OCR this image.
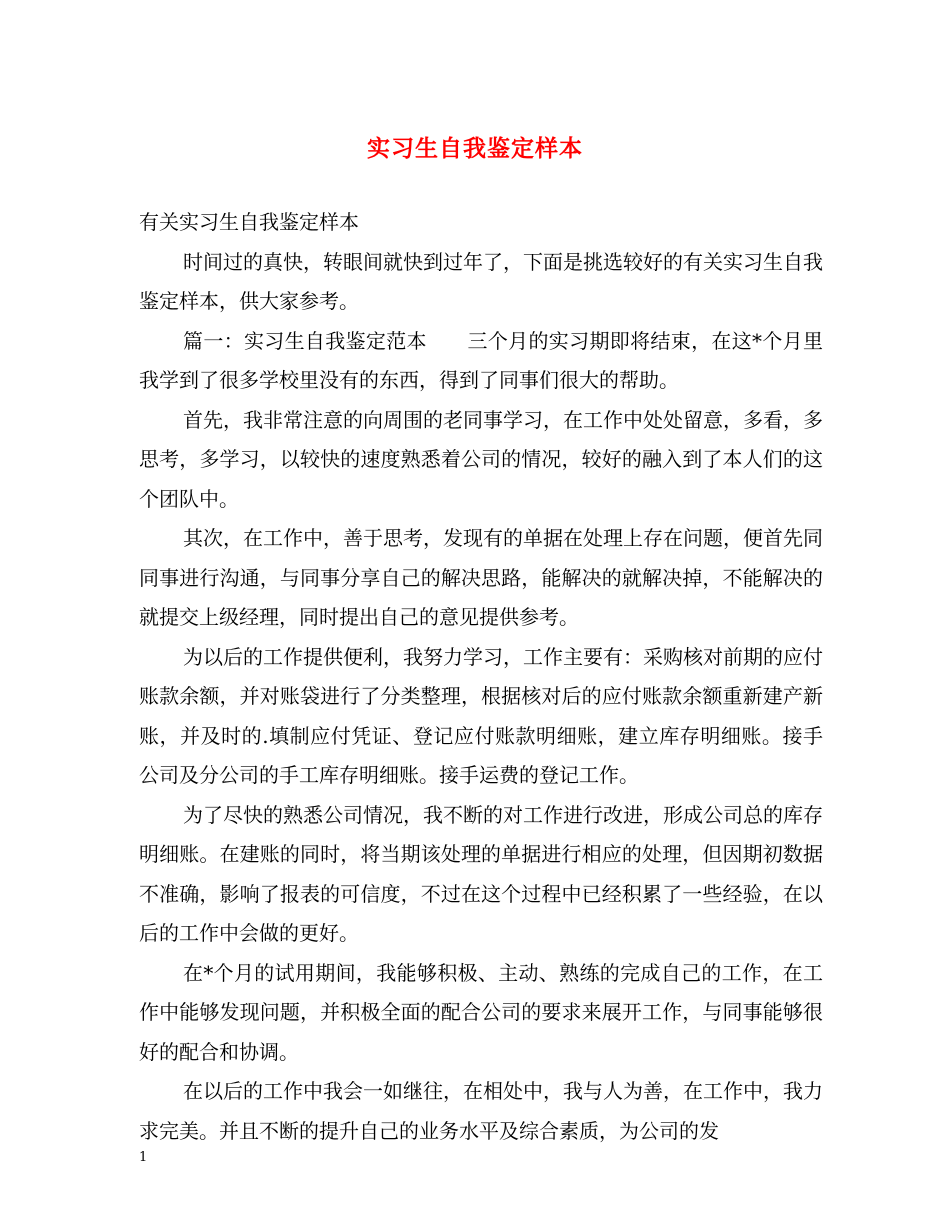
实习生自我鉴定样本

有关实习生自我鉴定样本

时间过的真快，转眼间就快到过年了，下面是挑选较好的有关实习生自我鉴定样本，供大家参考。

篇一：实习生自我鉴定范本　　三个月的实习期即将结束，在这*个月里我学到了很多学校里没有的东西，得到了同事们很大的帮助。

首先，我非常注意的向周围的老同事学习，在工作中处处留意，多看，多思考，多学习，以较快的速度熟悉着公司的情况，较好的融入到了本人们的这个团队中。

其次，在工作中，善于思考，发现有的单据在处理上存在问题，便首先同同事进行沟通，与同事分享自己的解决思路，能解决的就解决掉，不能解决的就提交上级经理，同时提出自己的意见提供参考。

为以后的工作提供便利，我努力学习，工作主要有：采购核对前期的应付账款余额，并对账袋进行了分类整理，根据核对后的应付账款余额重新建产新账，并及时的.填制应付凭证、登记应付账款明细账，建立库存明细账。接手公司及分公司的手工库存明细账。接手运费的登记工作。

为了尽快的熟悉公司情况，我不断的对工作进行改进，形成公司总的库存明细账。在建账的同时，将当期该处理的单据进行相应的处理，但因期初数据不准确，影响了报表的可信度，不过在这个过程中已经积累了一些经验，在以后的工作中会做的更好。

在*个月的试用期间，我能够积极、主动、熟练的完成自己的工作，在工作中能够发现问题，并积极全面的配合公司的要求来展开工作，与同事能够很好的配合和协调。

在以后的工作中我会一如继往，在相处中，我与人为善，在工作中，我力求完美。并且不断的提升自己的业务水平及综合素质，为公司的发

1
